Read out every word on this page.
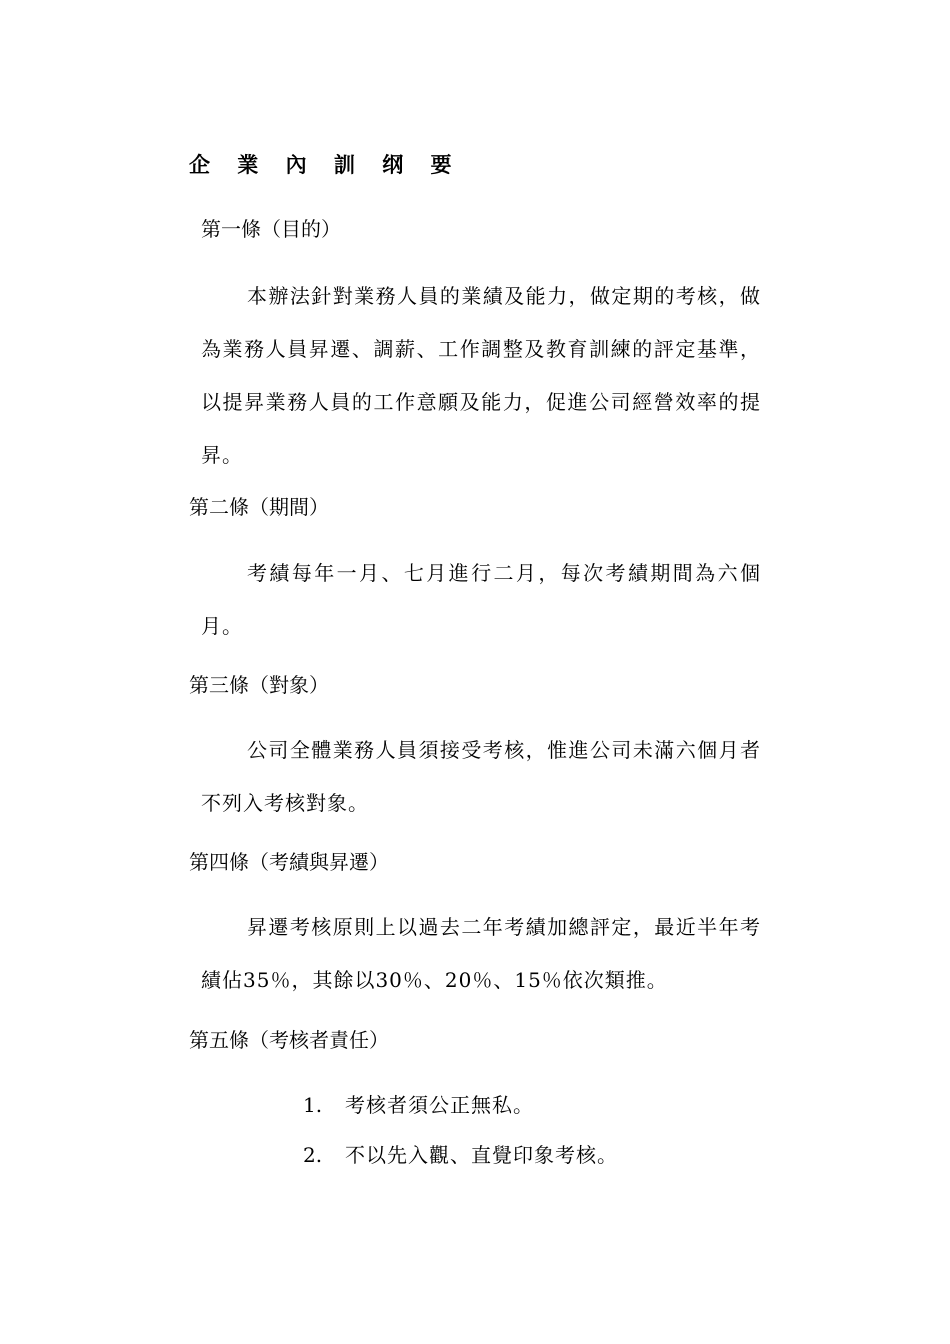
企 業 內 訓 纲 要
第一條（目的）
本辦法針對業務人員的業績及能力，做定期的考核，做為業務人員昇遷、調薪、工作調整及教育訓練的評定基準，以提昇業務人員的工作意願及能力，促進公司經營效率的提昇。
第二條（期間）
考績每年一月、七月進行二月，每次考績期間為六個月。
第三條（對象）
公司全體業務人員須接受考核，惟進公司未滿六個月者不列入考核對象。
第四條（考績與昇遷）
昇遷考核原則上以過去二年考績加總評定，最近半年考績佔35％，其餘以30％、20％、15％依次類推。
第五條（考核者責任）
1.	考核者須公正無私。
2.	不以先入觀、直覺印象考核。
